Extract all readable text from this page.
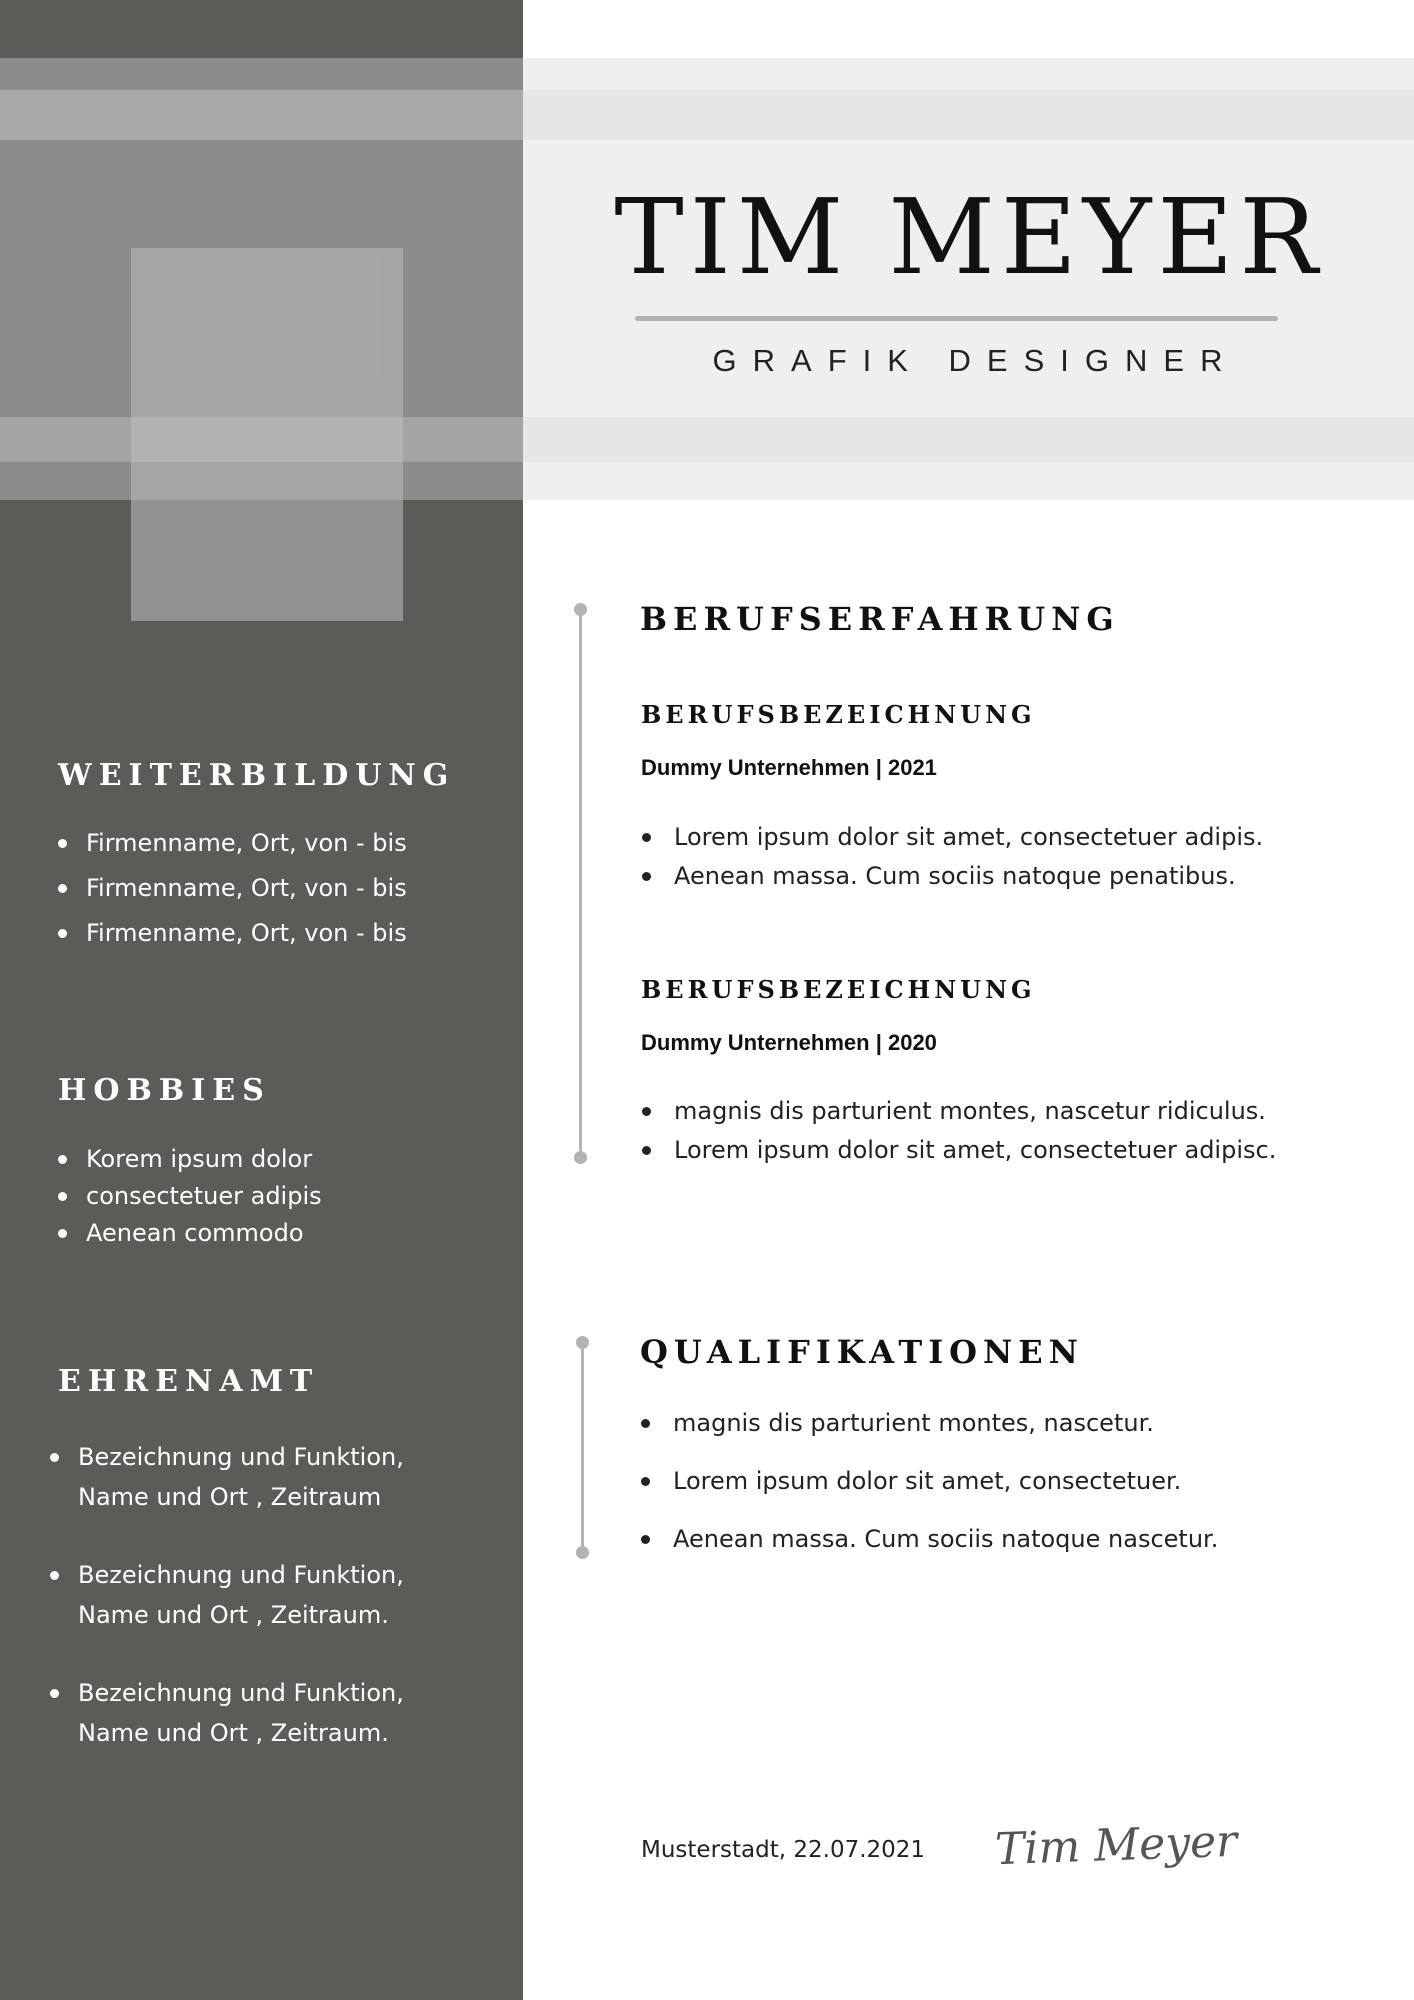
TIM MEYER
GRAFIK DESIGNER
WEITERBILDUNG
Firmenname, Ort, von - bis
Firmenname, Ort, von - bis
Firmenname, Ort, von - bis
HOBBIES
Korem ipsum dolor
consectetuer adipis
Aenean commodo
EHRENAMT
Bezeichnung und Funktion,
Name und Ort , Zeitraum
Bezeichnung und Funktion,
Name und Ort , Zeitraum.
Bezeichnung und Funktion,
Name und Ort , Zeitraum.
BERUFSERFAHRUNG
BERUFSBEZEICHNUNG
Dummy Unternehmen | 2021
Lorem ipsum dolor sit amet, consectetuer adipis.
Aenean massa. Cum sociis natoque penatibus.
BERUFSBEZEICHNUNG
Dummy Unternehmen | 2020
magnis dis parturient montes, nascetur ridiculus.
Lorem ipsum dolor sit amet, consectetuer adipisc.
QUALIFIKATIONEN
magnis dis parturient montes, nascetur.
Lorem ipsum dolor sit amet, consectetuer.
Aenean massa. Cum sociis natoque nascetur.
Musterstadt, 22.07.2021 Tim Meyer
